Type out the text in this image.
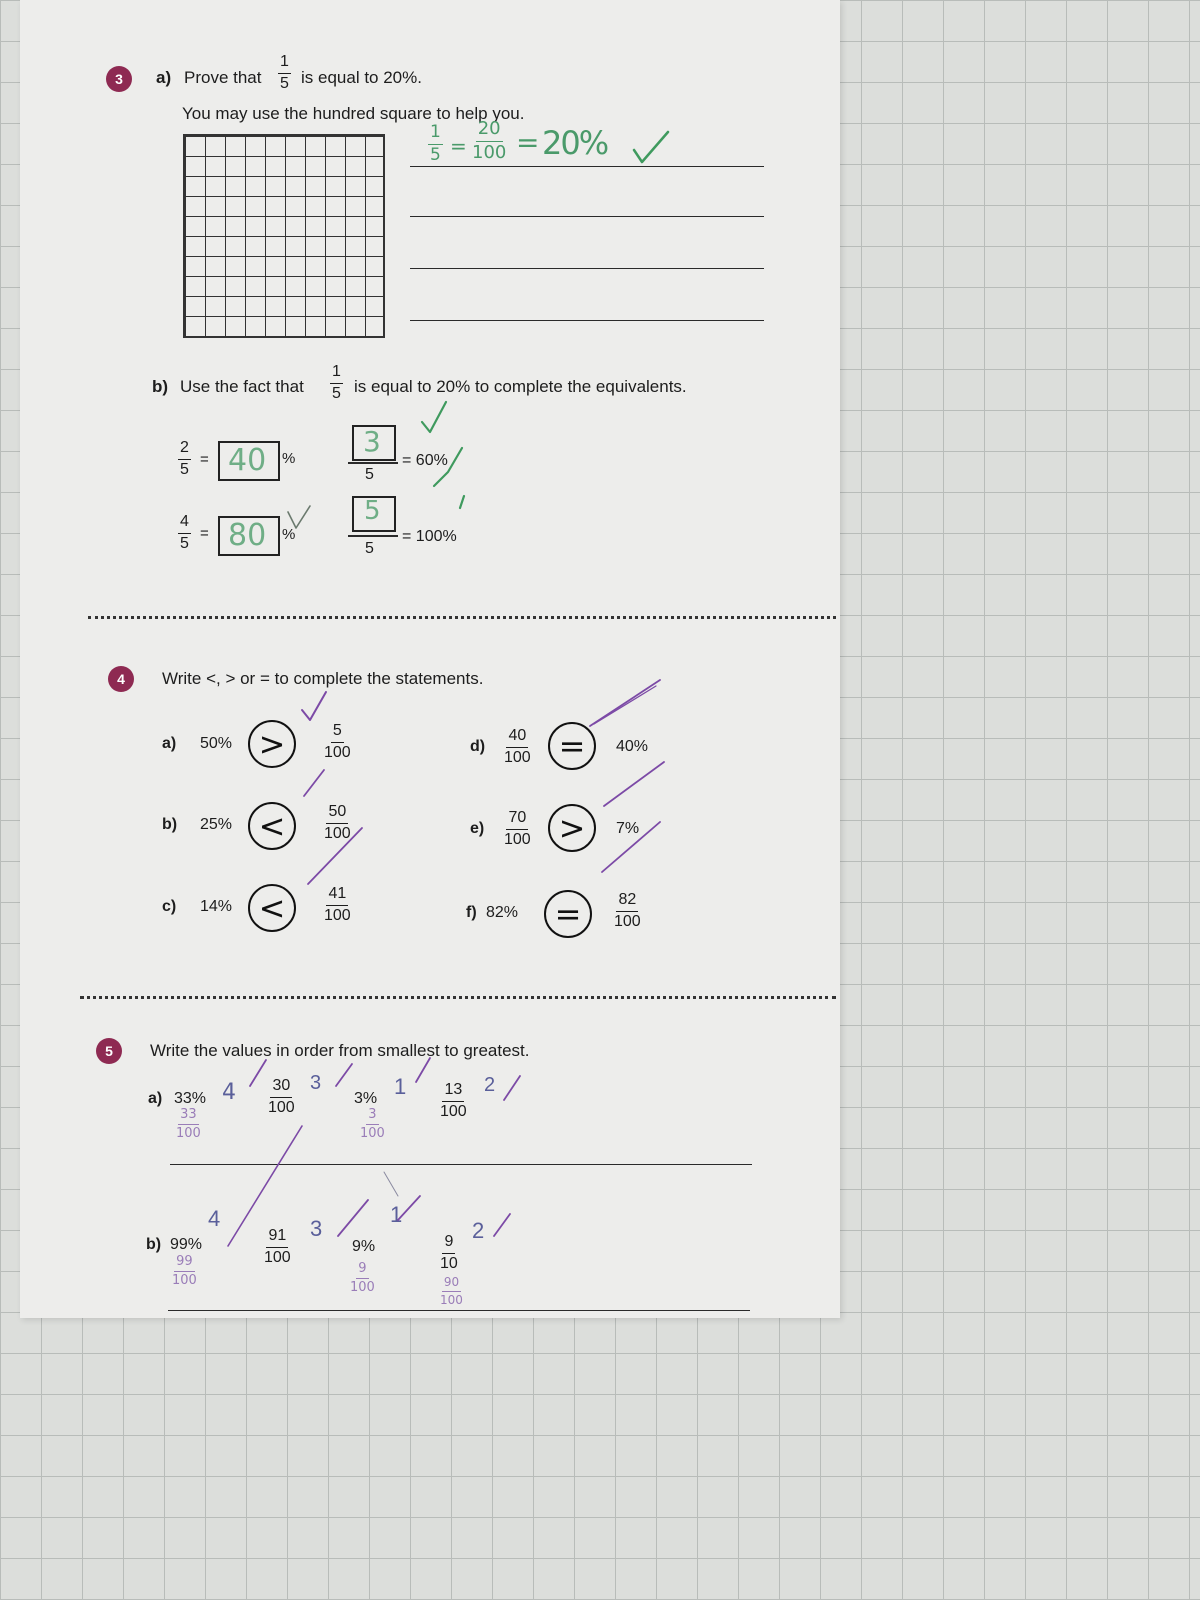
3 a) Prove that $\frac{1}{5}$ is equal to 20%.
You may use the hundred square to help you.
$\frac{1}{5} = \frac{20}{100} = 20\%$
b) Use the fact that $\frac{1}{5}$ is equal to 20% to complete the equivalents.
$\frac{2}{5} = 40$ %
$\frac{4}{5} = 80$ %
3
5
= 60%
5
5
= 100%
4 Write <, > or = to complete the statements.
a) $50\% > \frac{5}{100}$
b) $25\% < \frac{50}{100}$
c) $14\% < \frac{41}{100}$
$d) \frac{40}{100} = 40\%$
$e) \frac{70}{100} > 7\%$
f) $82\% = \frac{82}{100}$
5 Write the values in order from smallest to greatest.
a) 33% 4
$\frac{33}{100}$
$\frac{30}{100} 3$
3% 1
$\frac{3}{100}$
$\frac{13}{100} 2$
b) 99%
4
$\frac{99}{100}$
$\frac{91}{100} 3$
9%
1
$\frac{9}{100}$
$\frac{9}{10}$
2
$\frac{90}{100}$
